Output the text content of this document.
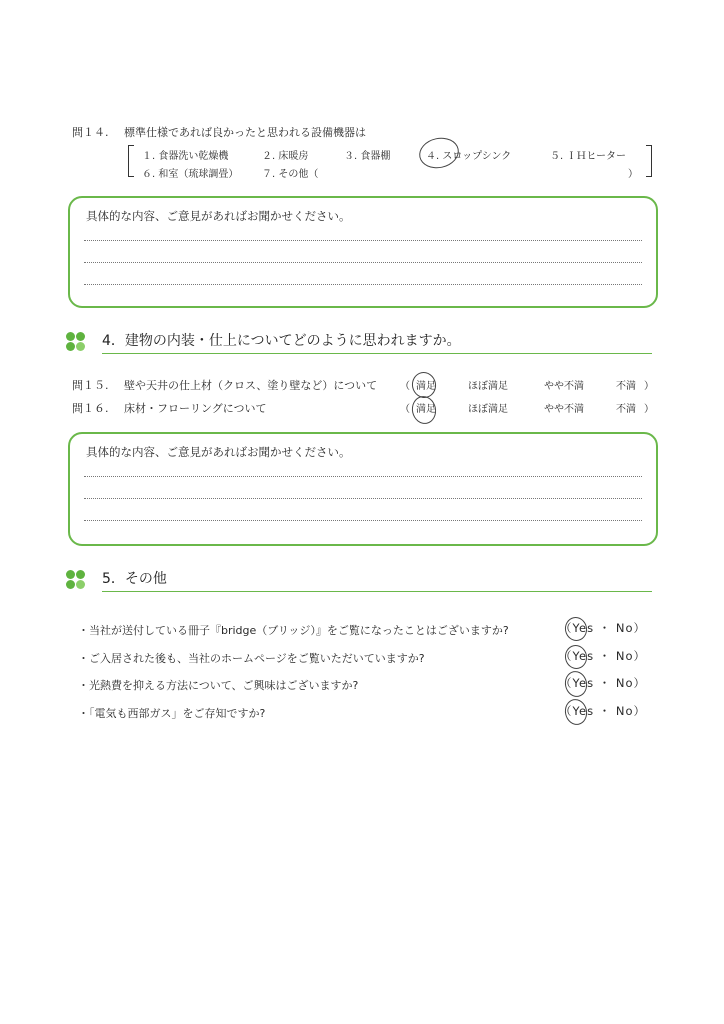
問１４. 標準仕様であれば良かったと思われる設備機器は
１. 食器洗い乾燥機	２. 床暖房	３. 食器棚	４. スロップシンク	５. ＩＨヒーター
６. 和室（琉球調畳） ７. その他（	）
具体的な内容、ご意見があればお聞かせください。
4．建物の内装・仕上についてどのように思われますか。
問１５. 壁や天井の仕上材（クロス、塗り壁など）について （ 満足	ほぼ満足	やや不満	不満 ）
問１６. 床材・フローリングについて	（ 満足	ほぼ満足	やや不満	不満 ）
具体的な内容、ご意見があればお聞かせください。
5．その他
・当社が送付している冊子『bridge（ブリッジ）』をご覧になったことはございますか?	（Yes ・ No）
・ご入居された後も、当社のホームページをご覧いただいていますか?	（Yes ・ No）
・光熱費を抑える方法について、ご興味はございますか?	（Yes ・ No）
・「電気も西部ガス」をご存知ですか?	（Yes ・ No）
